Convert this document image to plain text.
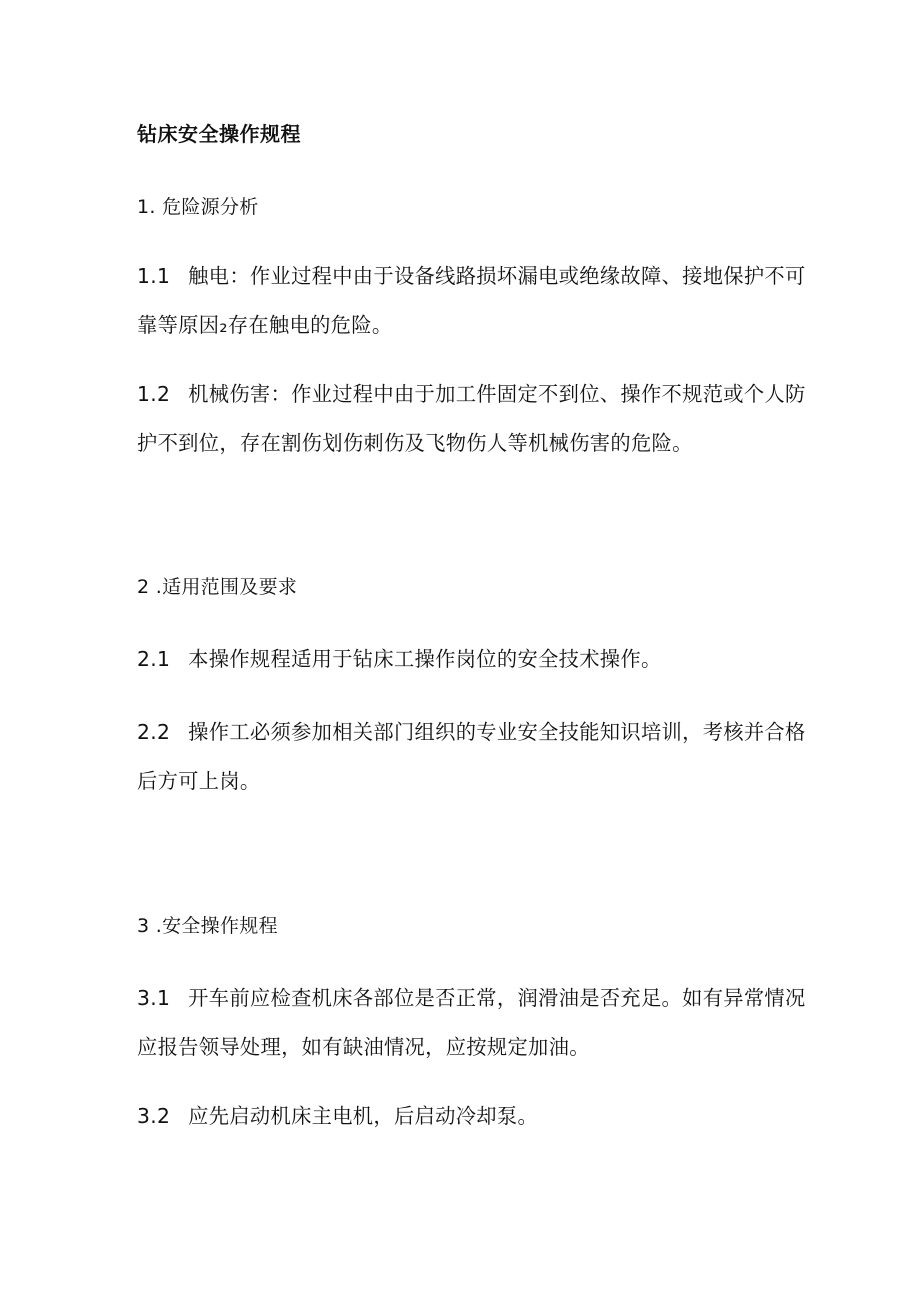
钻床安全操作规程
1. 危险源分析
1.1 触电：作业过程中由于设备线路损坏漏电或绝缘故障、接地保护不可
靠等原因₂存在触电的危险。
1.2 机械伤害：作业过程中由于加工件固定不到位、操作不规范或个人防
护不到位，存在割伤划伤刺伤及飞物伤人等机械伤害的危险。
2 .适用范围及要求
2.1 本操作规程适用于钻床工操作岗位的安全技术操作。
2.2 操作工必须参加相关部门组织的专业安全技能知识培训，考核并合格
后方可上岗。
3 .安全操作规程
3.1 开车前应检查机床各部位是否正常，润滑油是否充足。如有异常情况
应报告领导处理，如有缺油情况，应按规定加油。
3.2 应先启动机床主电机，后启动冷却泵。
